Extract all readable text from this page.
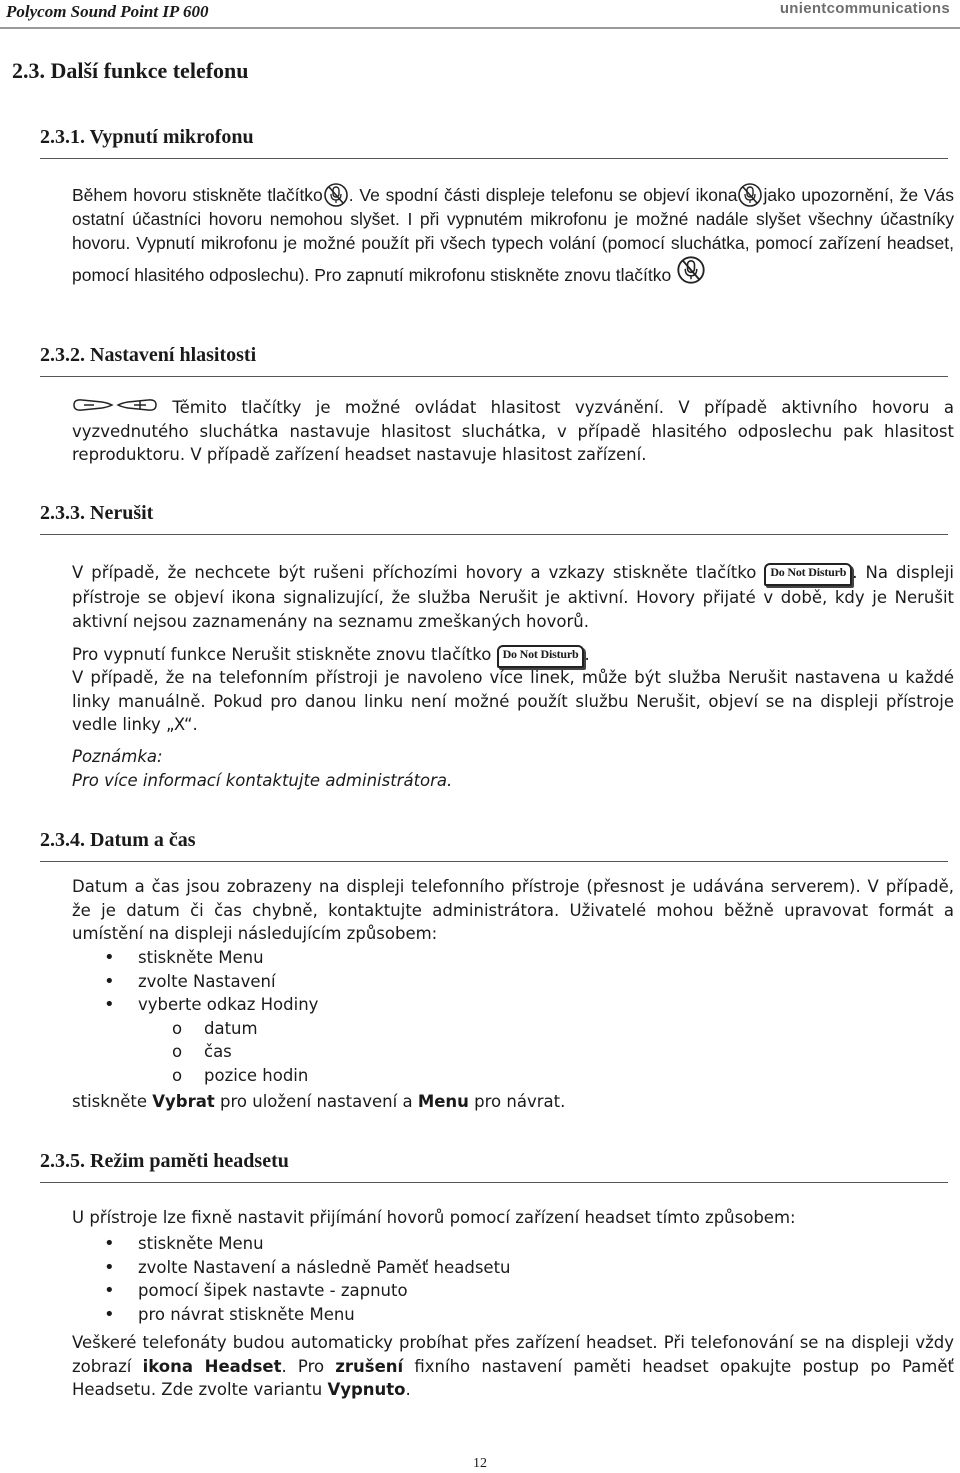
Polycom Sound Point IP 600	unientcommunications
2.3. Další funkce telefonu
2.3.1. Vypnutí mikrofonu
Během hovoru stiskněte tlačítko . Ve spodní části displeje telefonu se objeví ikona jako upozornění, že Vás ostatní účastníci hovoru nemohou slyšet. I při vypnutém mikrofonu je možné nadále slyšet všechny účastníky hovoru. Vypnutí mikrofonu je možné použít při všech typech volání (pomocí sluchátka, pomocí zařízení headset, pomocí hlasitého odposlechu). Pro zapnutí mikrofonu stiskněte znovu tlačítko
2.3.2. Nastavení hlasitosti
Těmito tlačítky je možné ovládat hlasitost vyzvánění. V případě aktivního hovoru a vyzvednutého sluchátka nastavuje hlasitost sluchátka, v případě hlasitého odposlechu pak hlasitost reproduktoru. V případě zařízení headset nastavuje hlasitost zařízení.
2.3.3. Nerušit
V případě, že nechcete být rušeni příchozími hovory a vzkazy stiskněte tlačítko Do Not Disturb . Na displeji přístroje se objeví ikona signalizující, že služba Nerušit je aktivní. Hovory přijaté v době, kdy je Nerušit aktivní nejsou zaznamenány na seznamu zmeškaných hovorů.
Pro vypnutí funkce Nerušit stiskněte znovu tlačítko Do Not Disturb .
V případě, že na telefonním přístroji je navoleno více linek, může být služba Nerušit nastavena u každé linky manuálně. Pokud pro danou linku není možné použít službu Nerušit, objeví se na displeji přístroje vedle linky „X“.
Poznámka:
Pro více informací kontaktujte administrátora.
2.3.4. Datum a čas
Datum a čas jsou zobrazeny na displeji telefonního přístroje (přesnost je udávána serverem). V případě, že je datum či čas chybně, kontaktujte administrátora. Uživatelé mohou běžně upravovat formát a umístění na displeji následujícím způsobem:
• stiskněte Menu
• zvolte Nastavení
• vyberte odkaz Hodiny
o datum
o čas
o pozice hodin
stiskněte Vybrat pro uložení nastavení a Menu pro návrat.
2.3.5. Režim paměti headsetu
U přístroje lze fixně nastavit přijímání hovorů pomocí zařízení headset tímto způsobem:
• stiskněte Menu
• zvolte Nastavení a následně Paměť headsetu
• pomocí šipek nastavte - zapnuto
• pro návrat stiskněte Menu
Veškeré telefonáty budou automaticky probíhat přes zařízení headset. Při telefonování se na displeji vždy zobrazí ikona Headset. Pro zrušení fixního nastavení paměti headset opakujte postup po Paměť Headsetu. Zde zvolte variantu Vypnuto.
12
